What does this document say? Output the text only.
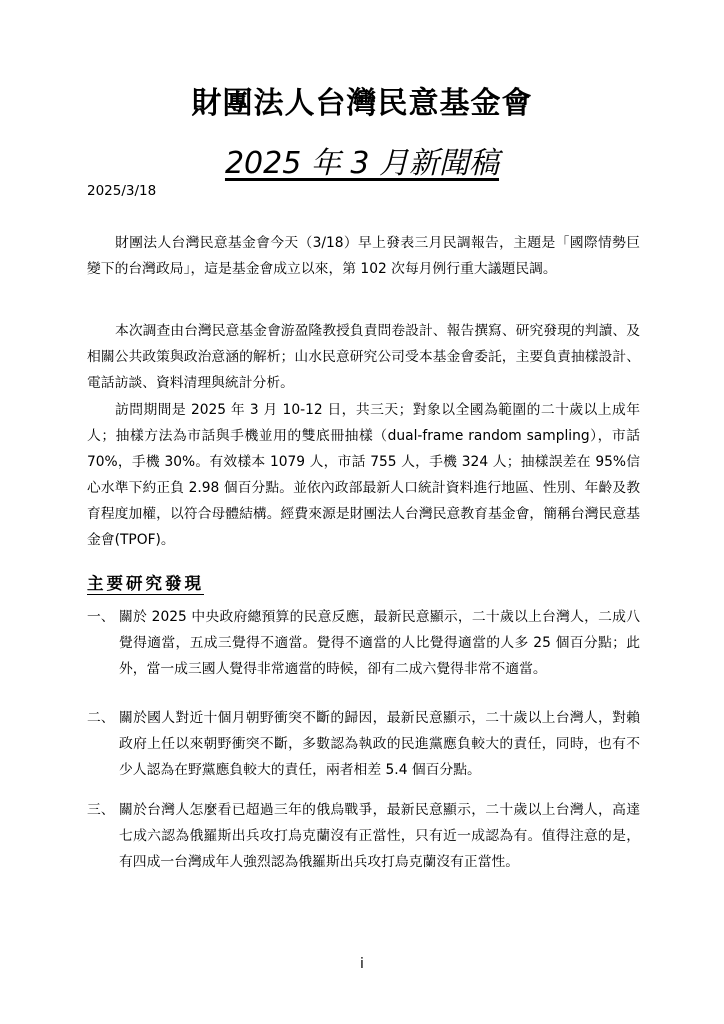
財團法人台灣民意基金會
2025 年 3 月新聞稿
2025/3/18
財團法人台灣民意基金會今天（3/18）早上發表三月民調報告，主題是「國際情勢巨變下的台灣政局」，這是基金會成立以來，第 102 次每月例行重大議題民調。
本次調查由台灣民意基金會游盈隆教授負責問卷設計、報告撰寫、研究發現的判讀、及相關公共政策與政治意涵的解析；山水民意研究公司受本基金會委託，主要負責抽樣設計、電話訪談、資料清理與統計分析。
訪問期間是 2025 年 3 月 10-12 日，共三天；對象以全國為範圍的二十歲以上成年人；抽樣方法為市話與手機並用的雙底冊抽樣（dual-frame random sampling），市話 70%，手機 30%。有效樣本 1079 人，市話 755 人，手機 324 人；抽樣誤差在 95%信心水準下約正負 2.98 個百分點。並依內政部最新人口統計資料進行地區、性別、年齡及教育程度加權，以符合母體結構。經費來源是財團法人台灣民意教育基金會，簡稱台灣民意基金會(TPOF)。
主要研究發現
一、 關於 2025 中央政府總預算的民意反應，最新民意顯示，二十歲以上台灣人，二成八覺得適當，五成三覺得不適當。覺得不適當的人比覺得適當的人多 25 個百分點；此外，當一成三國人覺得非常適當的時候，卻有二成六覺得非常不適當。
二、 關於國人對近十個月朝野衝突不斷的歸因，最新民意顯示，二十歲以上台灣人，對賴政府上任以來朝野衝突不斷，多數認為執政的民進黨應負較大的責任，同時，也有不少人認為在野黨應負較大的責任，兩者相差 5.4 個百分點。
三、 關於台灣人怎麼看已超過三年的俄烏戰爭，最新民意顯示，二十歲以上台灣人，高達七成六認為俄羅斯出兵攻打烏克蘭沒有正當性，只有近一成認為有。值得注意的是，有四成一台灣成年人強烈認為俄羅斯出兵攻打烏克蘭沒有正當性。
i
